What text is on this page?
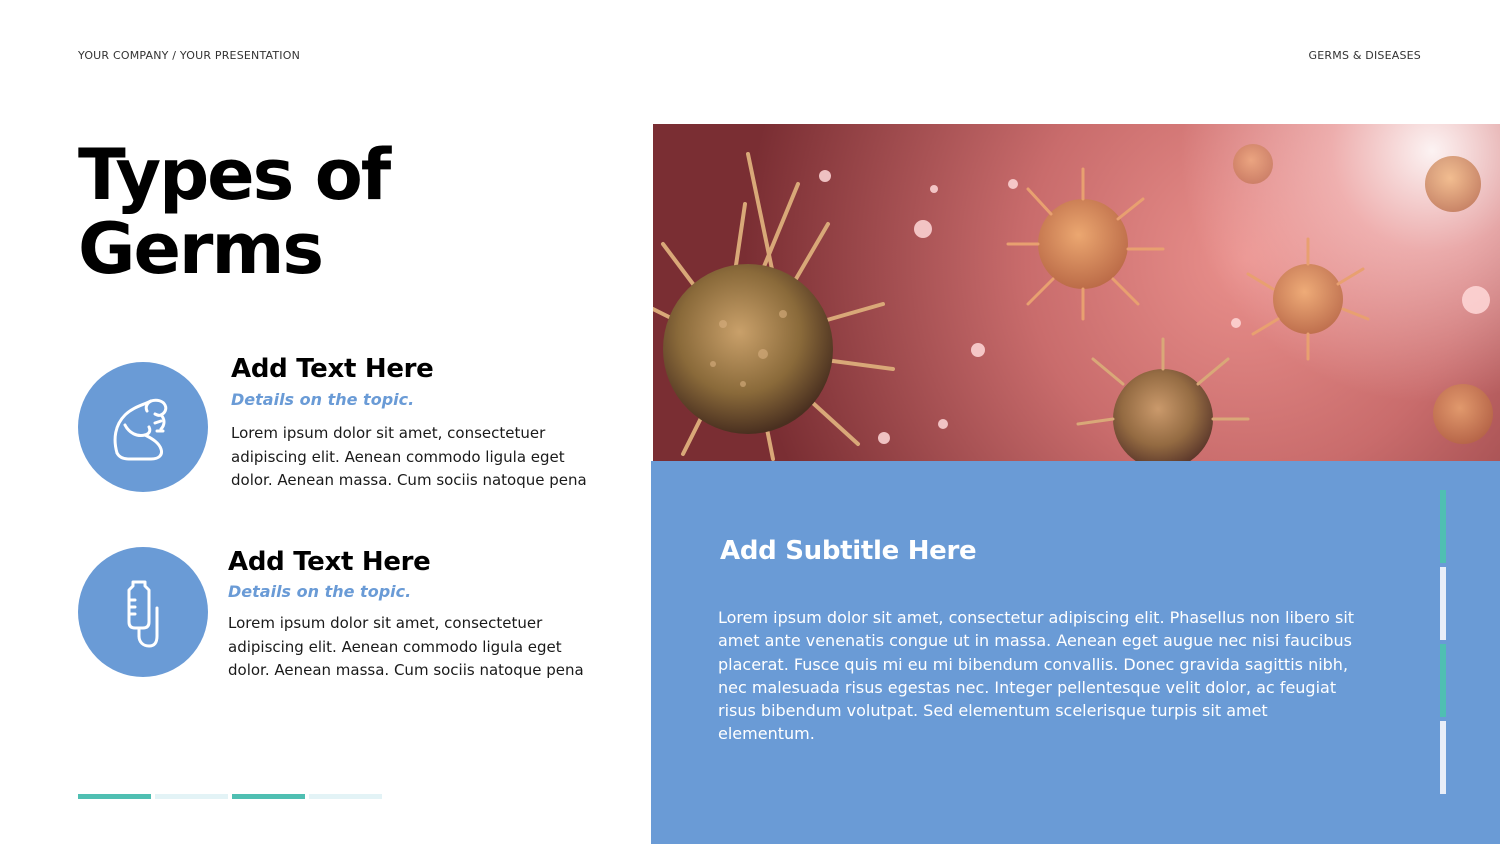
YOUR COMPANY / YOUR PRESENTATION	GERMS & DISEASES
Types of Germs
Add Text Here
Details on the topic.
Lorem ipsum dolor sit amet, consectetuer adipiscing elit. Aenean commodo ligula eget dolor. Aenean massa. Cum sociis natoque pena
Add Text Here
Details on the topic.
Lorem ipsum dolor sit amet, consectetuer adipiscing elit. Aenean commodo ligula eget dolor. Aenean massa. Cum sociis natoque pena
Add Subtitle Here
Lorem ipsum dolor sit amet, consectetur adipiscing elit. Phasellus non libero sit amet ante venenatis congue ut in massa. Aenean eget augue nec nisi faucibus placerat. Fusce quis mi eu mi bibendum convallis. Donec gravida sagittis nibh, nec malesuada risus egestas nec. Integer pellentesque velit dolor, ac feugiat risus bibendum volutpat. Sed elementum scelerisque turpis sit amet elementum.
